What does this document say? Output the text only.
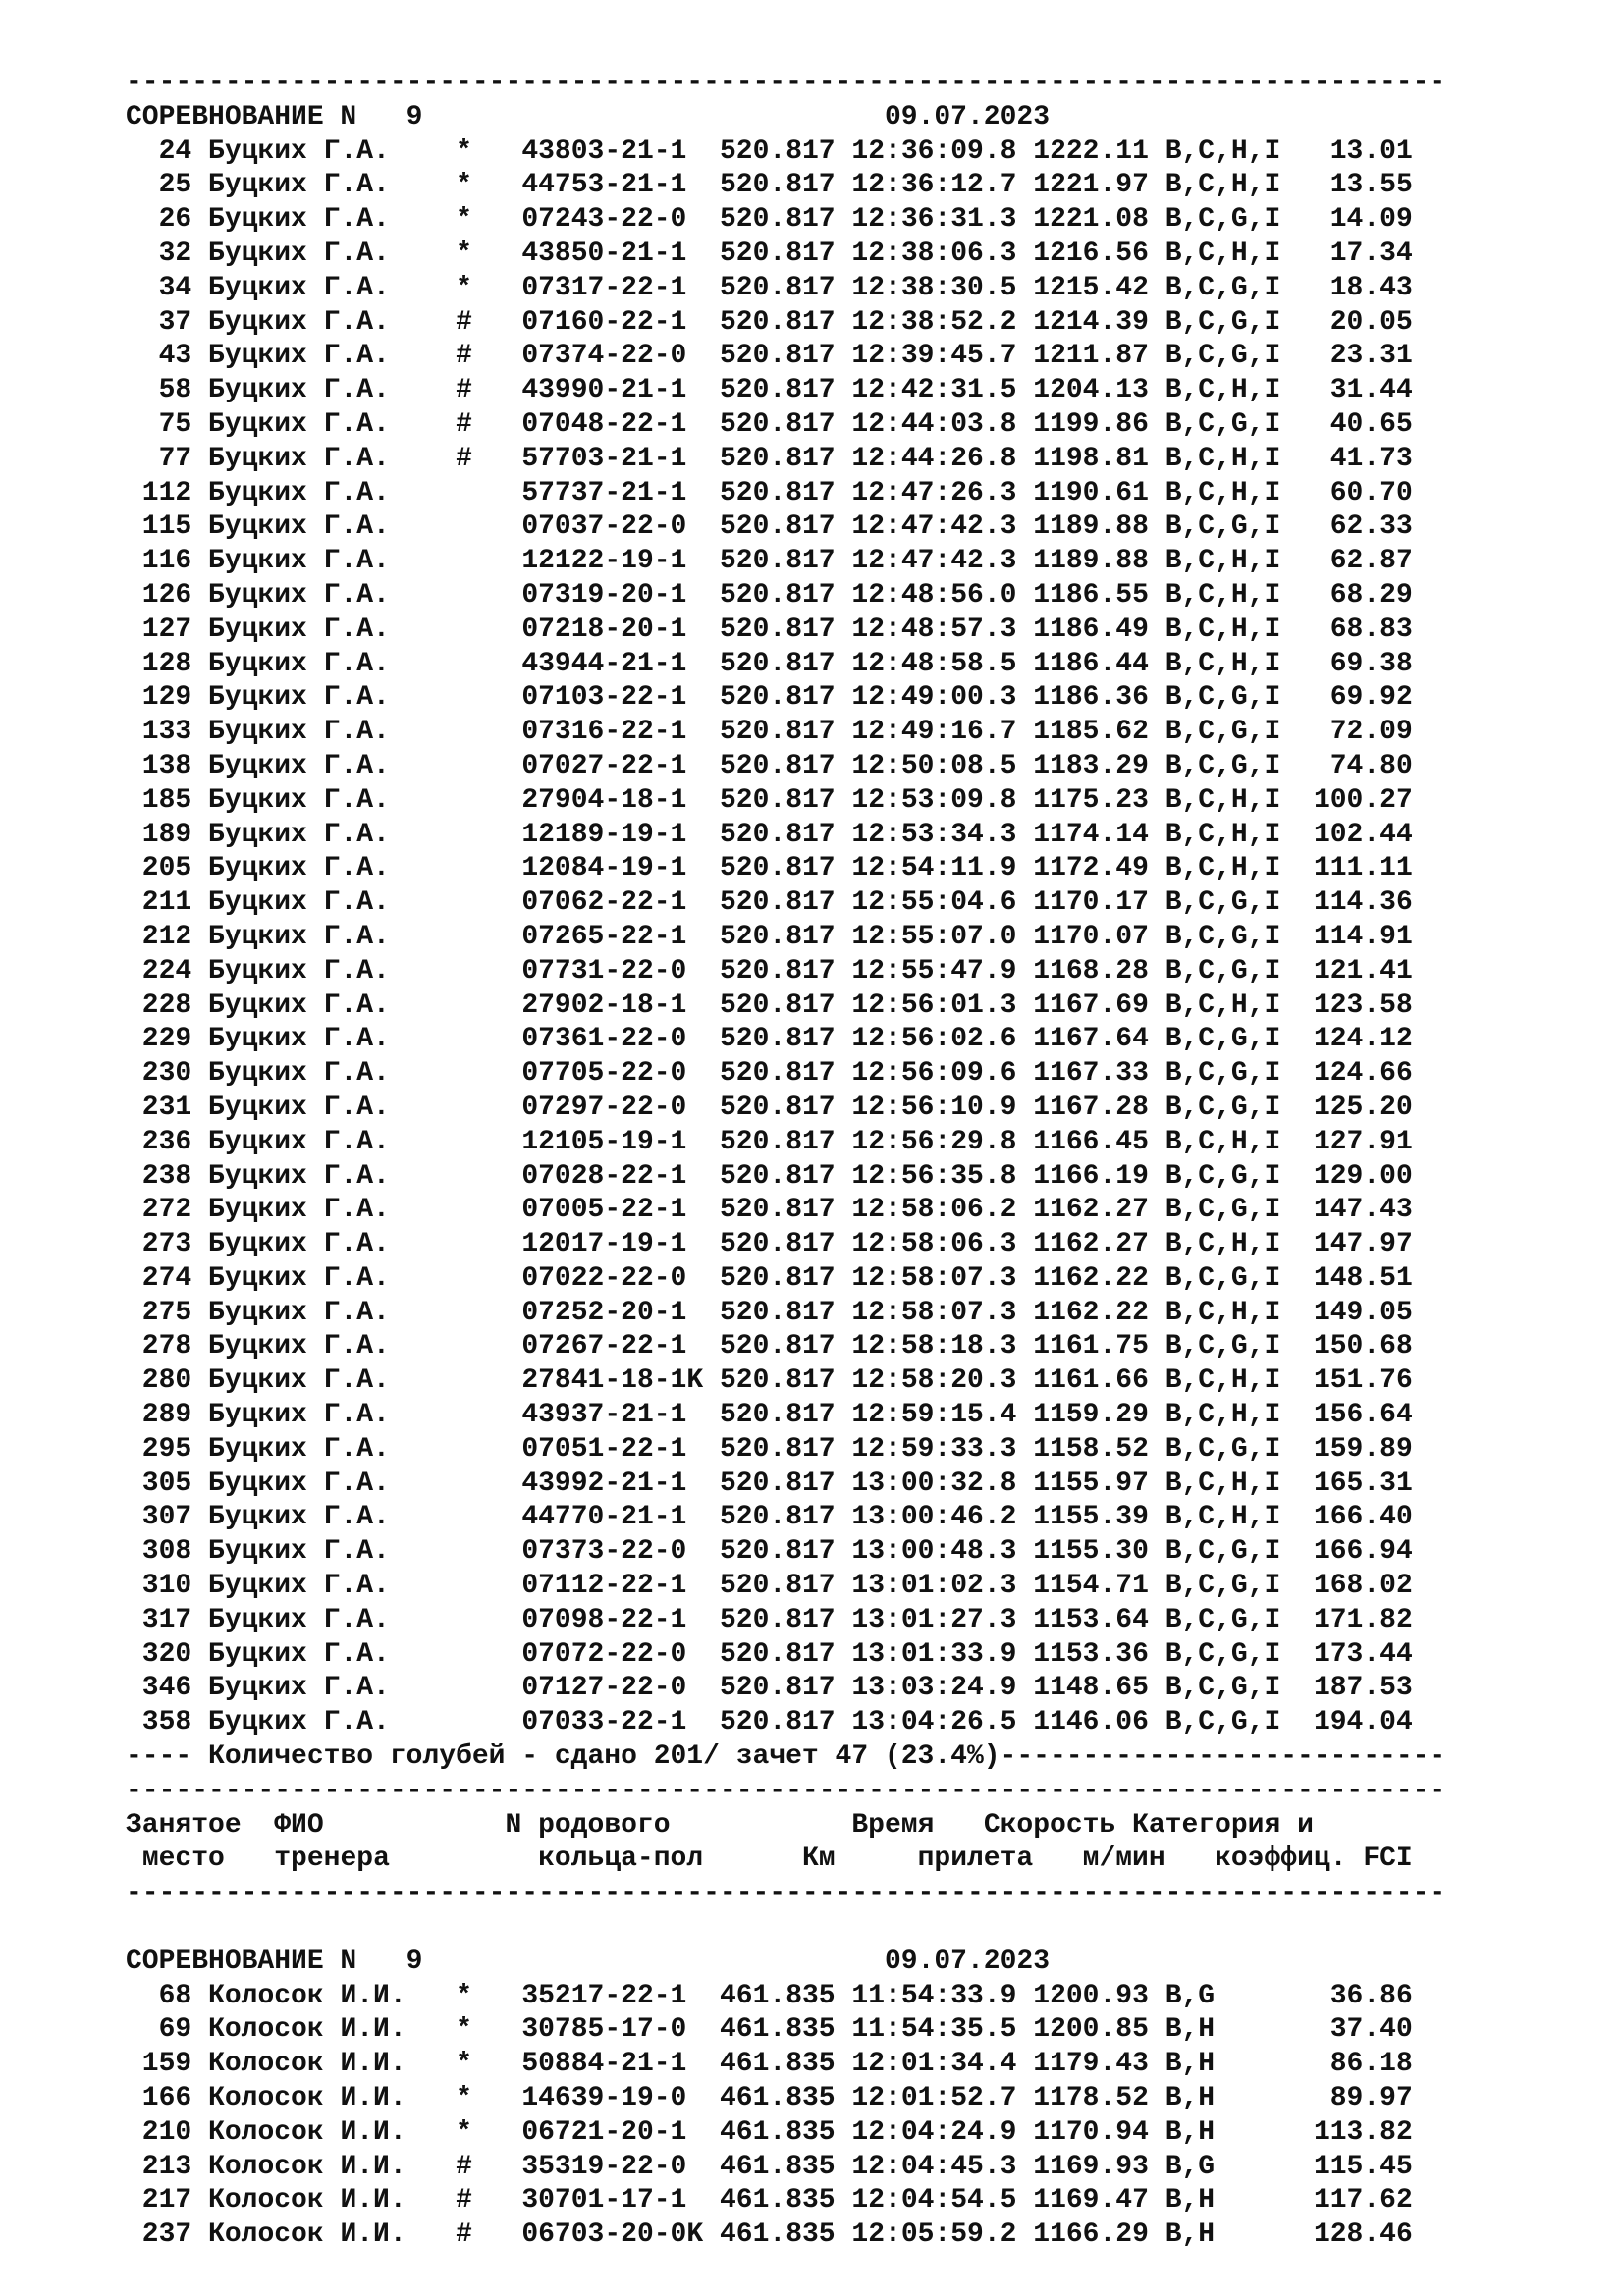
--------------------------------------------------------------------------------
СОРЕВНОВАНИЕ N 9	09.07.2023
24 Буцких Г.А.    * 43803-21-1  520.817 12:36:09.8 1222.11 B,C,H,I   13.01
25 Буцких Г.А.    * 44753-21-1  520.817 12:36:12.7 1221.97 B,C,H,I   13.55
26 Буцких Г.А.    * 07243-22-0  520.817 12:36:31.3 1221.08 B,C,G,I   14.09
32 Буцких Г.А.    * 43850-21-1  520.817 12:38:06.3 1216.56 B,C,H,I   17.34
34 Буцких Г.А.    * 07317-22-1  520.817 12:38:30.5 1215.42 B,C,G,I   18.43
37 Буцких Г.А.    # 07160-22-1  520.817 12:38:52.2 1214.39 B,C,G,I   20.05
43 Буцких Г.А.    # 07374-22-0  520.817 12:39:45.7 1211.87 B,C,G,I   23.31
58 Буцких Г.А.    # 43990-21-1  520.817 12:42:31.5 1204.13 B,C,H,I   31.44
75 Буцких Г.А.    # 07048-22-1  520.817 12:44:03.8 1199.86 B,C,G,I   40.65
77 Буцких Г.А.    # 57703-21-1  520.817 12:44:26.8 1198.81 B,C,H,I   41.73
112 Буцких Г.А.	57737-21-1  520.817 12:47:26.3 1190.61 B,C,H,I   60.70
115 Буцких Г.А.	07037-22-0  520.817 12:47:42.3 1189.88 B,C,G,I   62.33
116 Буцких Г.А.	12122-19-1  520.817 12:47:42.3 1189.88 B,C,H,I   62.87
126 Буцких Г.А.	07319-20-1  520.817 12:48:56.0 1186.55 B,C,H,I   68.29
127 Буцких Г.А.	07218-20-1  520.817 12:48:57.3 1186.49 B,C,H,I   68.83
128 Буцких Г.А.	43944-21-1  520.817 12:48:58.5 1186.44 B,C,H,I   69.38
129 Буцких Г.А.	07103-22-1  520.817 12:49:00.3 1186.36 B,C,G,I   69.92
133 Буцких Г.А.	07316-22-1  520.817 12:49:16.7 1185.62 B,C,G,I   72.09
138 Буцких Г.А.	07027-22-1  520.817 12:50:08.5 1183.29 B,C,G,I   74.80
185 Буцких Г.А.	27904-18-1  520.817 12:53:09.8 1175.23 B,C,H,I  100.27
189 Буцких Г.А.	12189-19-1  520.817 12:53:34.3 1174.14 B,C,H,I  102.44
205 Буцких Г.А.	12084-19-1  520.817 12:54:11.9 1172.49 B,C,H,I  111.11
211 Буцких Г.А.	07062-22-1  520.817 12:55:04.6 1170.17 B,C,G,I  114.36
212 Буцких Г.А.	07265-22-1  520.817 12:55:07.0 1170.07 B,C,G,I  114.91
224 Буцких Г.А.	07731-22-0  520.817 12:55:47.9 1168.28 B,C,G,I  121.41
228 Буцких Г.А.	27902-18-1  520.817 12:56:01.3 1167.69 B,C,H,I  123.58
229 Буцких Г.А.	07361-22-0  520.817 12:56:02.6 1167.64 B,C,G,I  124.12
230 Буцких Г.А.	07705-22-0  520.817 12:56:09.6 1167.33 B,C,G,I  124.66
231 Буцких Г.А.	07297-22-0  520.817 12:56:10.9 1167.28 B,C,G,I  125.20
236 Буцких Г.А.	12105-19-1  520.817 12:56:29.8 1166.45 B,C,H,I  127.91
238 Буцких Г.А.	07028-22-1  520.817 12:56:35.8 1166.19 B,C,G,I  129.00
272 Буцких Г.А.	07005-22-1  520.817 12:58:06.2 1162.27 B,C,G,I  147.43
273 Буцких Г.А.	12017-19-1  520.817 12:58:06.3 1162.27 B,C,H,I  147.97
274 Буцких Г.А.	07022-22-0  520.817 12:58:07.3 1162.22 B,C,G,I  148.51
275 Буцких Г.А.	07252-20-1  520.817 12:58:07.3 1162.22 B,C,H,I  149.05
278 Буцких Г.А.	07267-22-1  520.817 12:58:18.3 1161.75 B,C,G,I  150.68
280 Буцких Г.А.	27841-18-1K 520.817 12:58:20.3 1161.66 B,C,H,I  151.76
289 Буцких Г.А.	43937-21-1  520.817 12:59:15.4 1159.29 B,C,H,I  156.64
295 Буцких Г.А.	07051-22-1  520.817 12:59:33.3 1158.52 B,C,G,I  159.89
305 Буцких Г.А.	43992-21-1  520.817 13:00:32.8 1155.97 B,C,H,I  165.31
307 Буцких Г.А.	44770-21-1  520.817 13:00:46.2 1155.39 B,C,H,I  166.40
308 Буцких Г.А.	07373-22-0  520.817 13:00:48.3 1155.30 B,C,G,I  166.94
310 Буцких Г.А.	07112-22-1  520.817 13:01:02.3 1154.71 B,C,G,I  168.02
317 Буцких Г.А.	07098-22-1  520.817 13:01:27.3 1153.64 B,C,G,I  171.82
320 Буцких Г.А.	07072-22-0  520.817 13:01:33.9 1153.36 B,C,G,I  173.44
346 Буцких Г.А.	07127-22-0  520.817 13:03:24.9 1148.65 B,C,G,I  187.53
358 Буцких Г.А.	07033-22-1  520.817 13:04:26.5 1146.06 B,C,G,I  194.04
---- Количество голубей - сдано 201/ зачет 47 (23.4%)---------------------------
--------------------------------------------------------------------------------
Занятое ФИО	N родового	Время Скорость Категория и
место тренера	кольца-пол	Км	прилета м/мин коэффиц. FCI
--------------------------------------------------------------------------------

СОРЕВНОВАНИЕ N 9	09.07.2023
68 Колосок И.И.   * 35217-22-1  461.835 11:54:33.9 1200.93 B,G       36.86
69 Колосок И.И.   * 30785-17-0  461.835 11:54:35.5 1200.85 B,H       37.40
159 Колосок И.И.   * 50884-21-1  461.835 12:01:34.4 1179.43 B,H       86.18
166 Колосок И.И.   * 14639-19-0  461.835 12:01:52.7 1178.52 B,H       89.97
210 Колосок И.И.   * 06721-20-1  461.835 12:04:24.9 1170.94 B,H      113.82
213 Колосок И.И.   # 35319-22-0  461.835 12:04:45.3 1169.93 B,G      115.45
217 Колосок И.И.   # 30701-17-1  461.835 12:04:54.5 1169.47 B,H      117.62
237 Колосок И.И.   # 06703-20-0K 461.835 12:05:59.2 1166.29 B,H      128.46
